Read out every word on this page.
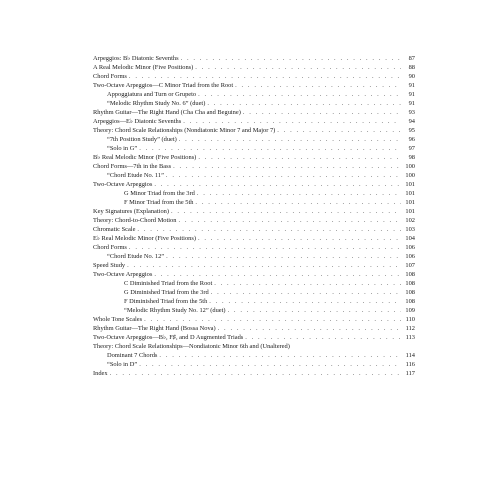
Arpeggios: B♭ Diatonic Sevenths . . .	87
A Real Melodic Minor (Five Positions) . . .	88
Chord Forms . . .	90
Two-Octave Arpeggios—C Minor Triad from the Root . . .	91
Appoggiatura and Turn or Grupeto . . .	91
“Melodic Rhythm Study No. 6” (duet) . . .	91
Rhythm Guitar—The Right Hand (Cha Cha and Beguine) . . .	93
Arpeggios—E♭ Diatonic Sevenths . . .	94
Theory: Chord Scale Relationships (Nondiatonic Minor 7 and Major 7) . . .	95
“7th Position Study” (duet) . . .	96
“Solo in G” . . .	97
B♭ Real Melodic Minor (Five Positions) . . .	98
Chord Forms—7th in the Bass . . .	100
“Chord Etude No. 11” . . .	100
Two-Octave Arpeggios . . .	101
G Minor Triad from the 3rd . . .	101
F Minor Triad from the 5th . . .	101
Key Signatures (Explanation) . . .	101
Theory: Chord-to-Chord Motion . . .	102
Chromatic Scale . . .	103
E♭ Real Melodic Minor (Five Positions) . . .	104
Chord Forms . . .	106
“Chord Etude No. 12” . . .	106
Speed Study . . .	107
Two-Octave Arpeggios . . .	108
C Diminished Triad from the Root . . .	108
G Diminished Triad from the 3rd . . .	108
F Diminished Triad from the 5th . . .	108
“Melodic Rhythm Study No. 12” (duet) . . .	109
Whole Tone Scales . . .	110
Rhythm Guitar—The Right Hand (Bossa Nova) . . .	112
Two-Octave Arpeggios—B♭, F♯, and D Augmented Triads . . .	113
Theory: Chord Scale Relationships—Nondiatonic Minor 6th and (Unaltered)
Dominant 7 Chords . . .	114
“Solo in D” . . .	116
Index . . .	117
